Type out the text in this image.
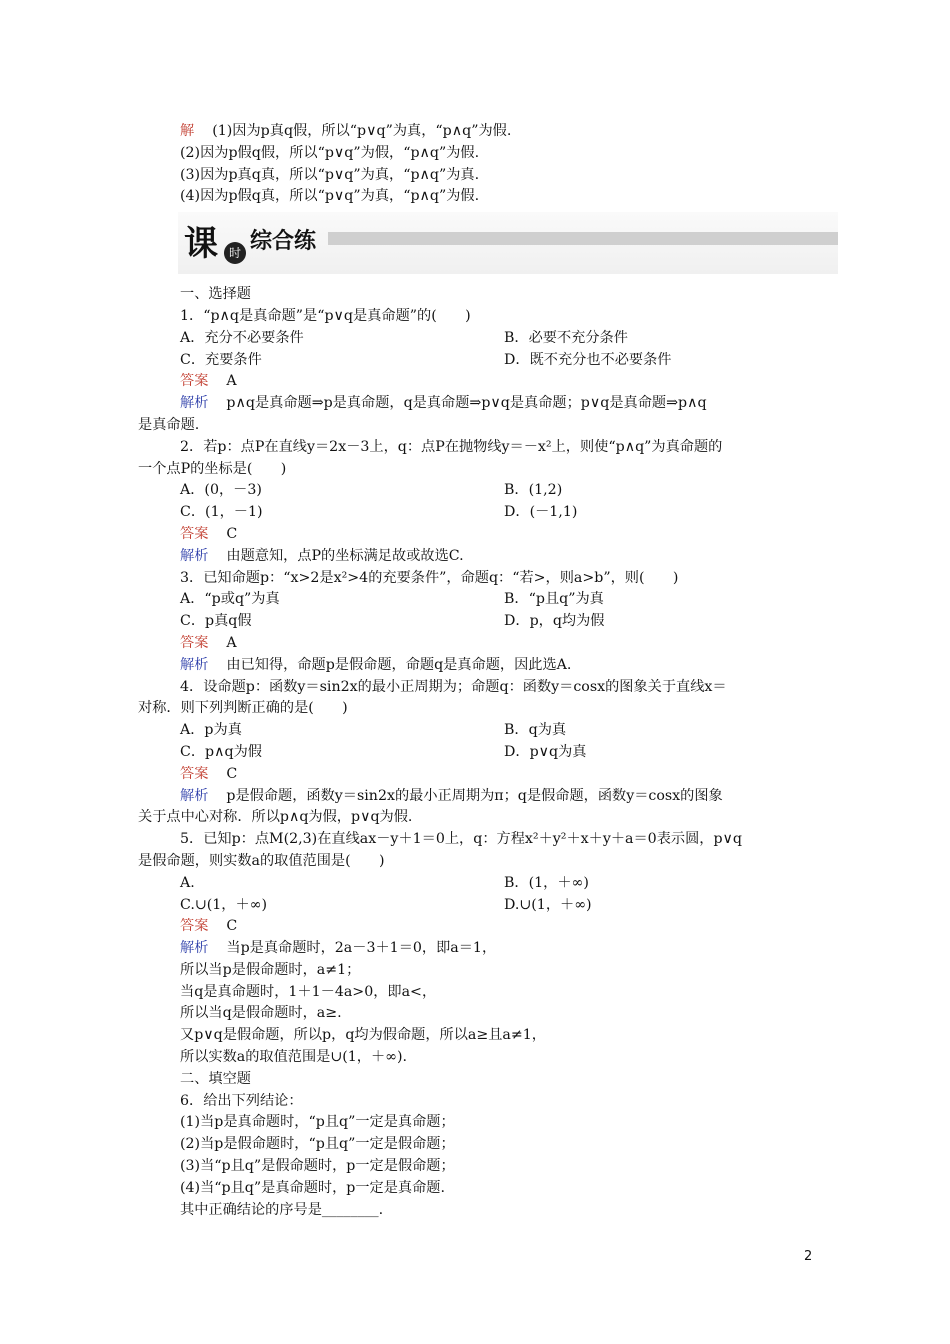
解 (1)因为p真q假，所以“p∨q”为真，“p∧q”为假.
(2)因为p假q假，所以“p∨q”为假，“p∧q”为假.
(3)因为p真q真，所以“p∨q”为真，“p∧q”为真.
(4)因为p假q真，所以“p∨q”为真，“p∧q”为假.
课	时 综合练
一、选择题
1．“p∧q是真命题”是“p∨q是真命题”的(　　)
A．充分不必要条件	B．必要不充分条件
C．充要条件	D．既不充分也不必要条件
答案 A
解析 p∧q是真命题⇒p是真命题，q是真命题⇒p∨q是真命题；p∨q是真命题⇒p∧q
是真命题.
2．若p：点P在直线y＝2x－3上，q：点P在抛物线y＝－x²上，则使“p∧q”为真命题的
一个点P的坐标是(　　)
A．(0，－3)	B．(1,2)
C．(1，－1)	D．(－1,1)
答案 C
解析 由题意知，点P的坐标满足故或故选C.
3．已知命题p：“x>2是x²>4的充要条件”，命题q：“若>，则a>b”，则(　　)
A．“p或q”为真	B．“p且q”为真
C．p真q假	D．p，q均为假
答案 A
解析 由已知得，命题p是假命题，命题q是真命题，因此选A.
4．设命题p：函数y＝sin2x的最小正周期为；命题q：函数y＝cosx的图象关于直线x＝
对称．则下列判断正确的是(　　)
A．p为真	B．q为真
C．p∧q为假	D．p∨q为真
答案 C
解析 p是假命题，函数y＝sin2x的最小正周期为π；q是假命题，函数y＝cosx的图象
关于点中心对称．所以p∧q为假，p∨q为假.
5．已知p：点M(2,3)在直线ax－y＋1＝0上，q：方程x²＋y²＋x＋y＋a＝0表示圆，p∨q
是假命题，则实数a的取值范围是(　　)
A.	B．(1，＋∞)
C.∪(1，＋∞)	D.∪(1，＋∞)
答案 C
解析 当p是真命题时，2a－3＋1＝0，即a＝1，
所以当p是假命题时，a≠1；
当q是真命题时，1＋1－4a>0，即a<，
所以当q是假命题时，a≥.
又p∨q是假命题，所以p，q均为假命题，所以a≥且a≠1，
所以实数a的取值范围是∪(1，＋∞).
二、填空题
6．给出下列结论：
(1)当p是真命题时，“p且q”一定是真命题；
(2)当p是假命题时，“p且q”一定是假命题；
(3)当“p且q”是假命题时，p一定是假命题；
(4)当“p且q”是真命题时，p一定是真命题.
其中正确结论的序号是________.
2
